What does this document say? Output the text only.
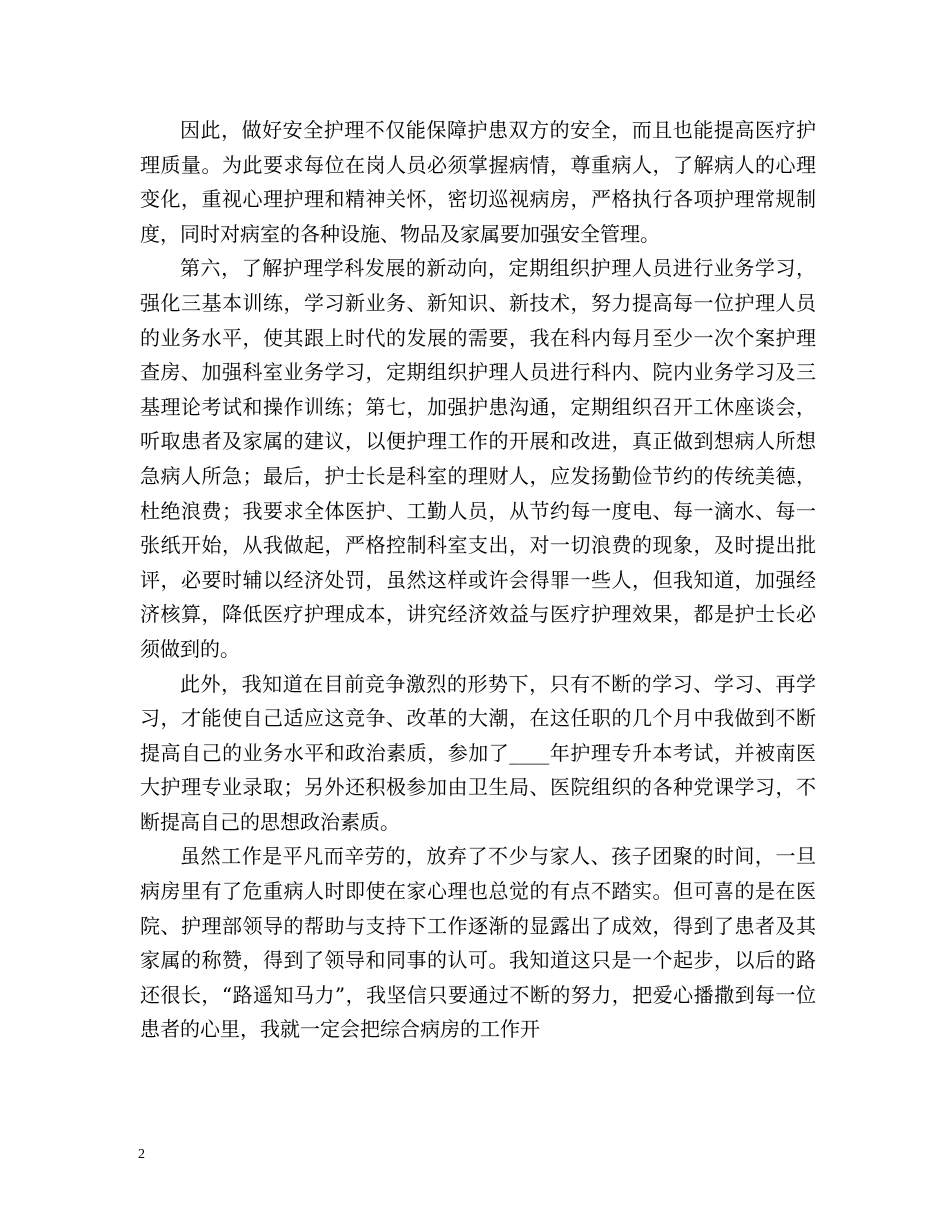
因此，做好安全护理不仅能保障护患双方的安全，而且也能提高医疗护理质量。为此要求每位在岗人员必须掌握病情，尊重病人，了解病人的心理变化，重视心理护理和精神关怀，密切巡视病房，严格执行各项护理常规制度，同时对病室的各种设施、物品及家属要加强安全管理。

第六，了解护理学科发展的新动向，定期组织护理人员进行业务学习，强化三基本训练，学习新业务、新知识、新技术，努力提高每一位护理人员的业务水平，使其跟上时代的发展的需要，我在科内每月至少一次个案护理查房、加强科室业务学习，定期组织护理人员进行科内、院内业务学习及三基理论考试和操作训练；第七，加强护患沟通，定期组织召开工休座谈会，听取患者及家属的建议，以便护理工作的开展和改进，真正做到想病人所想急病人所急；最后，护士长是科室的理财人，应发扬勤俭节约的传统美德，杜绝浪费；我要求全体医护、工勤人员，从节约每一度电、每一滴水、每一张纸开始，从我做起，严格控制科室支出，对一切浪费的现象，及时提出批评，必要时辅以经济处罚，虽然这样或许会得罪一些人，但我知道，加强经济核算，降低医疗护理成本，讲究经济效益与医疗护理效果，都是护士长必须做到的。

此外，我知道在目前竞争激烈的形势下，只有不断的学习、学习、再学习，才能使自己适应这竞争、改革的大潮，在这任职的几个月中我做到不断提高自己的业务水平和政治素质，参加了____年护理专升本考试，并被南医大护理专业录取；另外还积极参加由卫生局、医院组织的各种党课学习，不断提高自己的思想政治素质。

虽然工作是平凡而辛劳的，放弃了不少与家人、孩子团聚的时间，一旦病房里有了危重病人时即使在家心理也总觉的有点不踏实。但可喜的是在医院、护理部领导的帮助与支持下工作逐渐的显露出了成效，得到了患者及其家属的称赞，得到了领导和同事的认可。我知道这只是一个起步，以后的路还很长，“路遥知马力”，我坚信只要通过不断的努力，把爱心播撒到每一位患者的心里，我就一定会把综合病房的工作开

2
